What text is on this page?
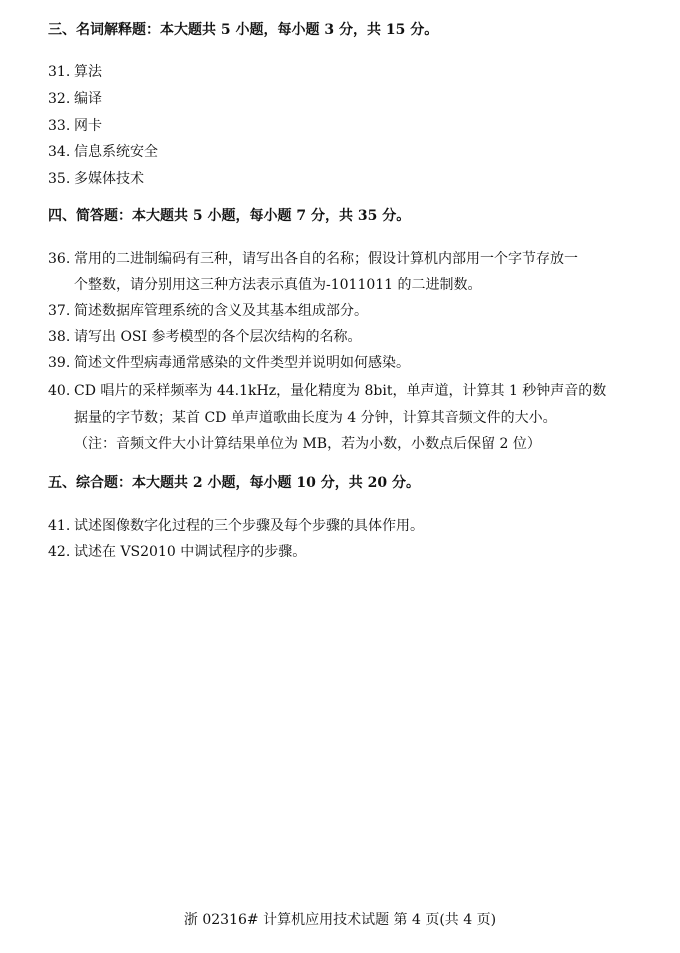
三、名词解释题：本大题共 5 小题，每小题 3 分，共 15 分。
31. 算法
32. 编译
33. 网卡
34. 信息系统安全
35. 多媒体技术
四、简答题：本大题共 5 小题，每小题 7 分，共 35 分。
36. 常用的二进制编码有三种，请写出各自的名称；假设计算机内部用一个字节存放一
个整数，请分别用这三种方法表示真值为-1011011 的二进制数。
37. 简述数据库管理系统的含义及其基本组成部分。
38. 请写出 OSI 参考模型的各个层次结构的名称。
39. 简述文件型病毒通常感染的文件类型并说明如何感染。
40. CD 唱片的采样频率为 44.1kHz，量化精度为 8bit，单声道，计算其 1 秒钟声音的数
据量的字节数；某首 CD 单声道歌曲长度为 4 分钟，计算其音频文件的大小。
（注：音频文件大小计算结果单位为 MB，若为小数，小数点后保留 2 位）
五、综合题：本大题共 2 小题，每小题 10 分，共 20 分。
41. 试述图像数字化过程的三个步骤及每个步骤的具体作用。
42. 试述在 VS2010 中调试程序的步骤。
浙 02316# 计算机应用技术试题 第 4 页(共 4 页)
